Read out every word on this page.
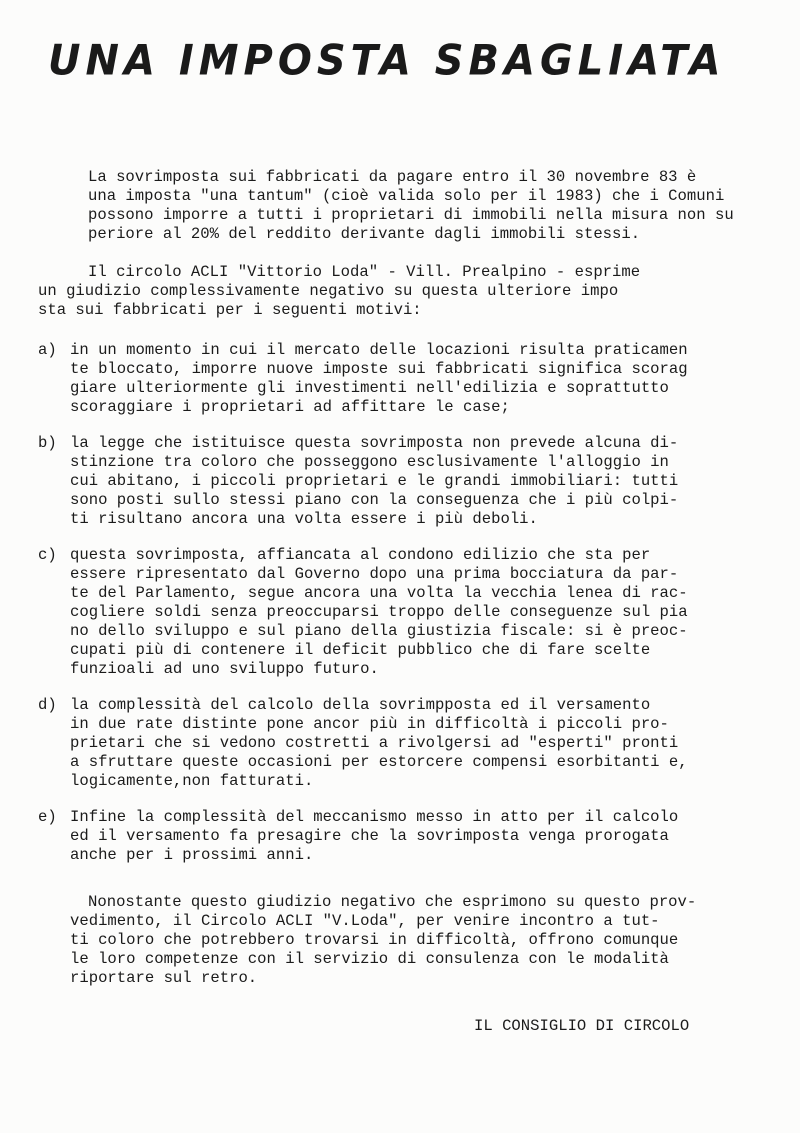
UNA IMPOSTA SBAGLIATA
La sovrimposta sui fabbricati da pagare entro il 30 novembre 83 è
una imposta "una tantum" (cioè valida solo per il 1983) che i Comuni
possono imporre a tutti i proprietari di immobili nella misura non su
periore al 20% del reddito derivante dagli immobili stessi.
Il circolo ACLI "Vittorio Loda" - Vill. Prealpino - esprime
un giudizio complessivamente negativo su questa ulteriore impo
sta sui fabbricati per i seguenti motivi:
a) in un momento in cui il mercato delle locazioni risulta praticamen
te bloccato, imporre nuove imposte sui fabbricati significa scorag
giare ulteriormente gli investimenti nell'edilizia e soprattutto
scoraggiare i proprietari ad affittare le case;
b) la legge che istituisce questa sovrimposta non prevede alcuna di-
stinzione tra coloro che posseggono esclusivamente l'alloggio in
cui abitano, i piccoli proprietari e le grandi immobiliari: tutti
sono posti sullo stessi piano con la conseguenza che i più colpi-
ti risultano ancora una volta essere i più deboli.
c) questa sovrimposta, affiancata al condono edilizio che sta per
essere ripresentato dal Governo dopo una prima bocciatura da par-
te del Parlamento, segue ancora una volta la vecchia lenea di rac-
cogliere soldi senza preoccuparsi troppo delle conseguenze sul pia
no dello sviluppo e sul piano della giustizia fiscale: si è preoc-
cupati più di contenere il deficit pubblico che di fare scelte
funzioali ad uno sviluppo futuro.
d) la complessità del calcolo della sovrimpposta ed il versamento
in due rate distinte pone ancor più in difficoltà i piccoli pro-
prietari che si vedono costretti a rivolgersi ad "esperti" pronti
a sfruttare queste occasioni per estorcere compensi esorbitanti e,
logicamente,non fatturati.
e) Infine la complessità del meccanismo messo in atto per il calcolo
ed il versamento fa presagire che la sovrimposta venga prorogata
anche per i prossimi anni.
Nonostante questo giudizio negativo che esprimono su questo prov-
vedimento, il Circolo ACLI "V.Loda", per venire incontro a tut-
ti coloro che potrebbero trovarsi in difficoltà, offrono comunque
le loro competenze con il servizio di consulenza con le modalità
riportare sul retro.
IL CONSIGLIO DI CIRCOLO
